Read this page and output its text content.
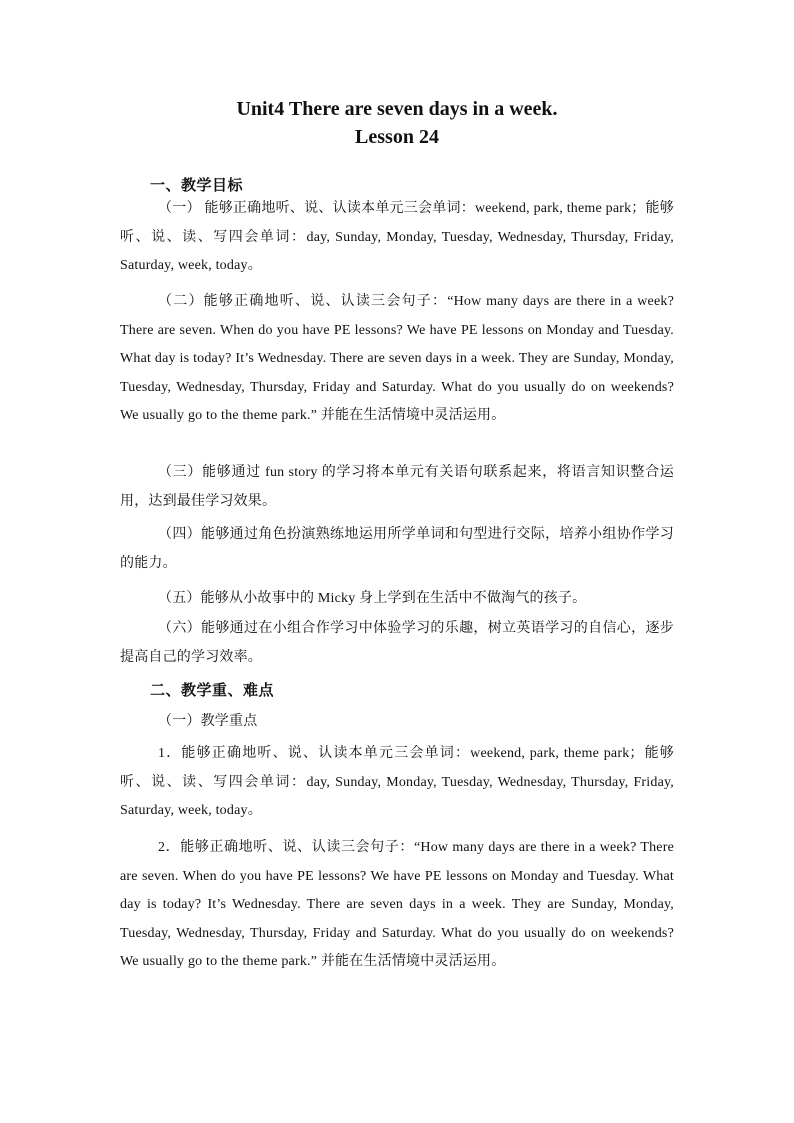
Unit4 There are seven days in a week.
Lesson 24
一、教学目标
（一） 能够正确地听、说、认读本单元三会单词：weekend, park, theme park；能够听、说、读、写四会单词：day, Sunday, Monday, Tuesday, Wednesday, Thursday, Friday, Saturday, week, today。
（二）能够正确地听、说、认读三会句子：“How many days are there in a week? There are seven. When do you have PE lessons? We have PE lessons on Monday and Tuesday. What day is today? It’s Wednesday. There are seven days in a week. They are Sunday, Monday, Tuesday, Wednesday, Thursday, Friday and Saturday. What do you usually do on weekends? We usually go to the theme park.” 并能在生活情境中灵活运用。
（三）能够通过 fun story 的学习将本单元有关语句联系起来，将语言知识整合运用，达到最佳学习效果。
（四）能够通过角色扮演熟练地运用所学单词和句型进行交际，培养小组协作学习的能力。
（五）能够从小故事中的 Micky 身上学到在生活中不做淘气的孩子。
（六）能够通过在小组合作学习中体验学习的乐趣，树立英语学习的自信心，逐步提高自己的学习效率。
二、教学重、难点
（一）教学重点
1．能够正确地听、说、认读本单元三会单词：weekend, park, theme park；能够听、说、读、写四会单词：day, Sunday, Monday, Tuesday, Wednesday, Thursday, Friday, Saturday, week, today。
2．能够正确地听、说、认读三会句子：“How many days are there in a week? There are seven. When do you have PE lessons? We have PE lessons on Monday and Tuesday. What day is today? It’s Wednesday. There are seven days in a week. They are Sunday, Monday, Tuesday, Wednesday, Thursday, Friday and Saturday. What do you usually do on weekends? We usually go to the theme park.” 并能在生活情境中灵活运用。
